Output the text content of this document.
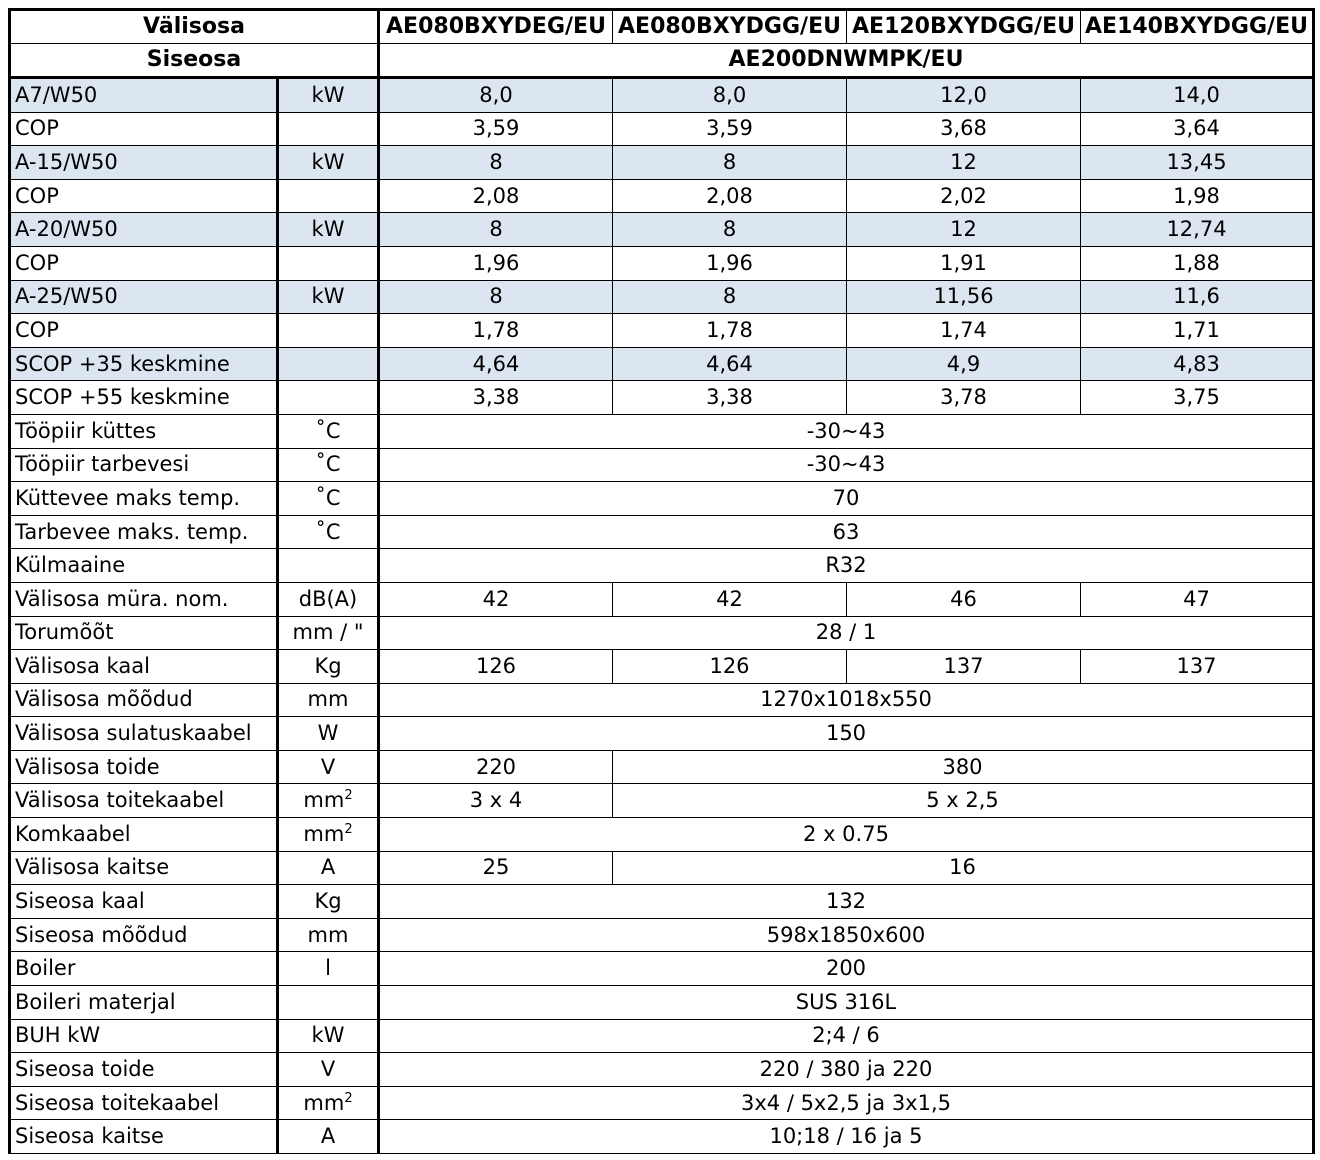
Välisosa		AE080BXYDEG/EU	AE080BXYDGG/EU	AE120BXYDGG/EU	AE140BXYDGG/EU
Siseosa		AE200DNWMPK/EU			
A7/W50	kW	8,0	8,0	12,0	14,0
COP		3,59	3,59	3,68	3,64
A-15/W50	kW	8	8	12	13,45
COP		2,08	2,08	2,02	1,98
A-20/W50	kW	8	8	12	12,74
COP		1,96	1,96	1,91	1,88
A-25/W50	kW	8	8	11,56	11,6
COP		1,78	1,78	1,74	1,71
SCOP +35 keskmine		4,64	4,64	4,9	4,83
SCOP +55 keskmine		3,38	3,38	3,78	3,75
Tööpiir küttes	˚C	-30~43			
Tööpiir tarbevesi	˚C	-30~43			
Küttevee maks temp.	˚C	70			
Tarbevee maks. temp.	˚C	63			
Külmaaine		R32			
Välisosa müra. nom.	dB(A)	42	42	46	47
Torumõõt	mm / "	28 / 1			
Välisosa kaal	Kg	126	126	137	137
Välisosa mõõdud	mm	1270x1018x550			
Välisosa sulatuskaabel	W	150			
Välisosa toide	V	220	380		
Välisosa toitekaabel	$mm^2$	3 x 4	5 x 2,5		
Komkaabel	$mm^2$	2 x 0.75			
Välisosa kaitse	A	25	16		
Siseosa kaal	Kg	132			
Siseosa mõõdud	mm	598x1850x600			
Boiler	l	200			
Boileri materjal		SUS 316L			
BUH kW	kW	2;4 / 6			
Siseosa toide	V	220 / 380 ja 220			
Siseosa toitekaabel	$mm^2$	3x4 / 5x2,5 ja 3x1,5			
Siseosa kaitse	A	10;18 / 16 ja 5			
